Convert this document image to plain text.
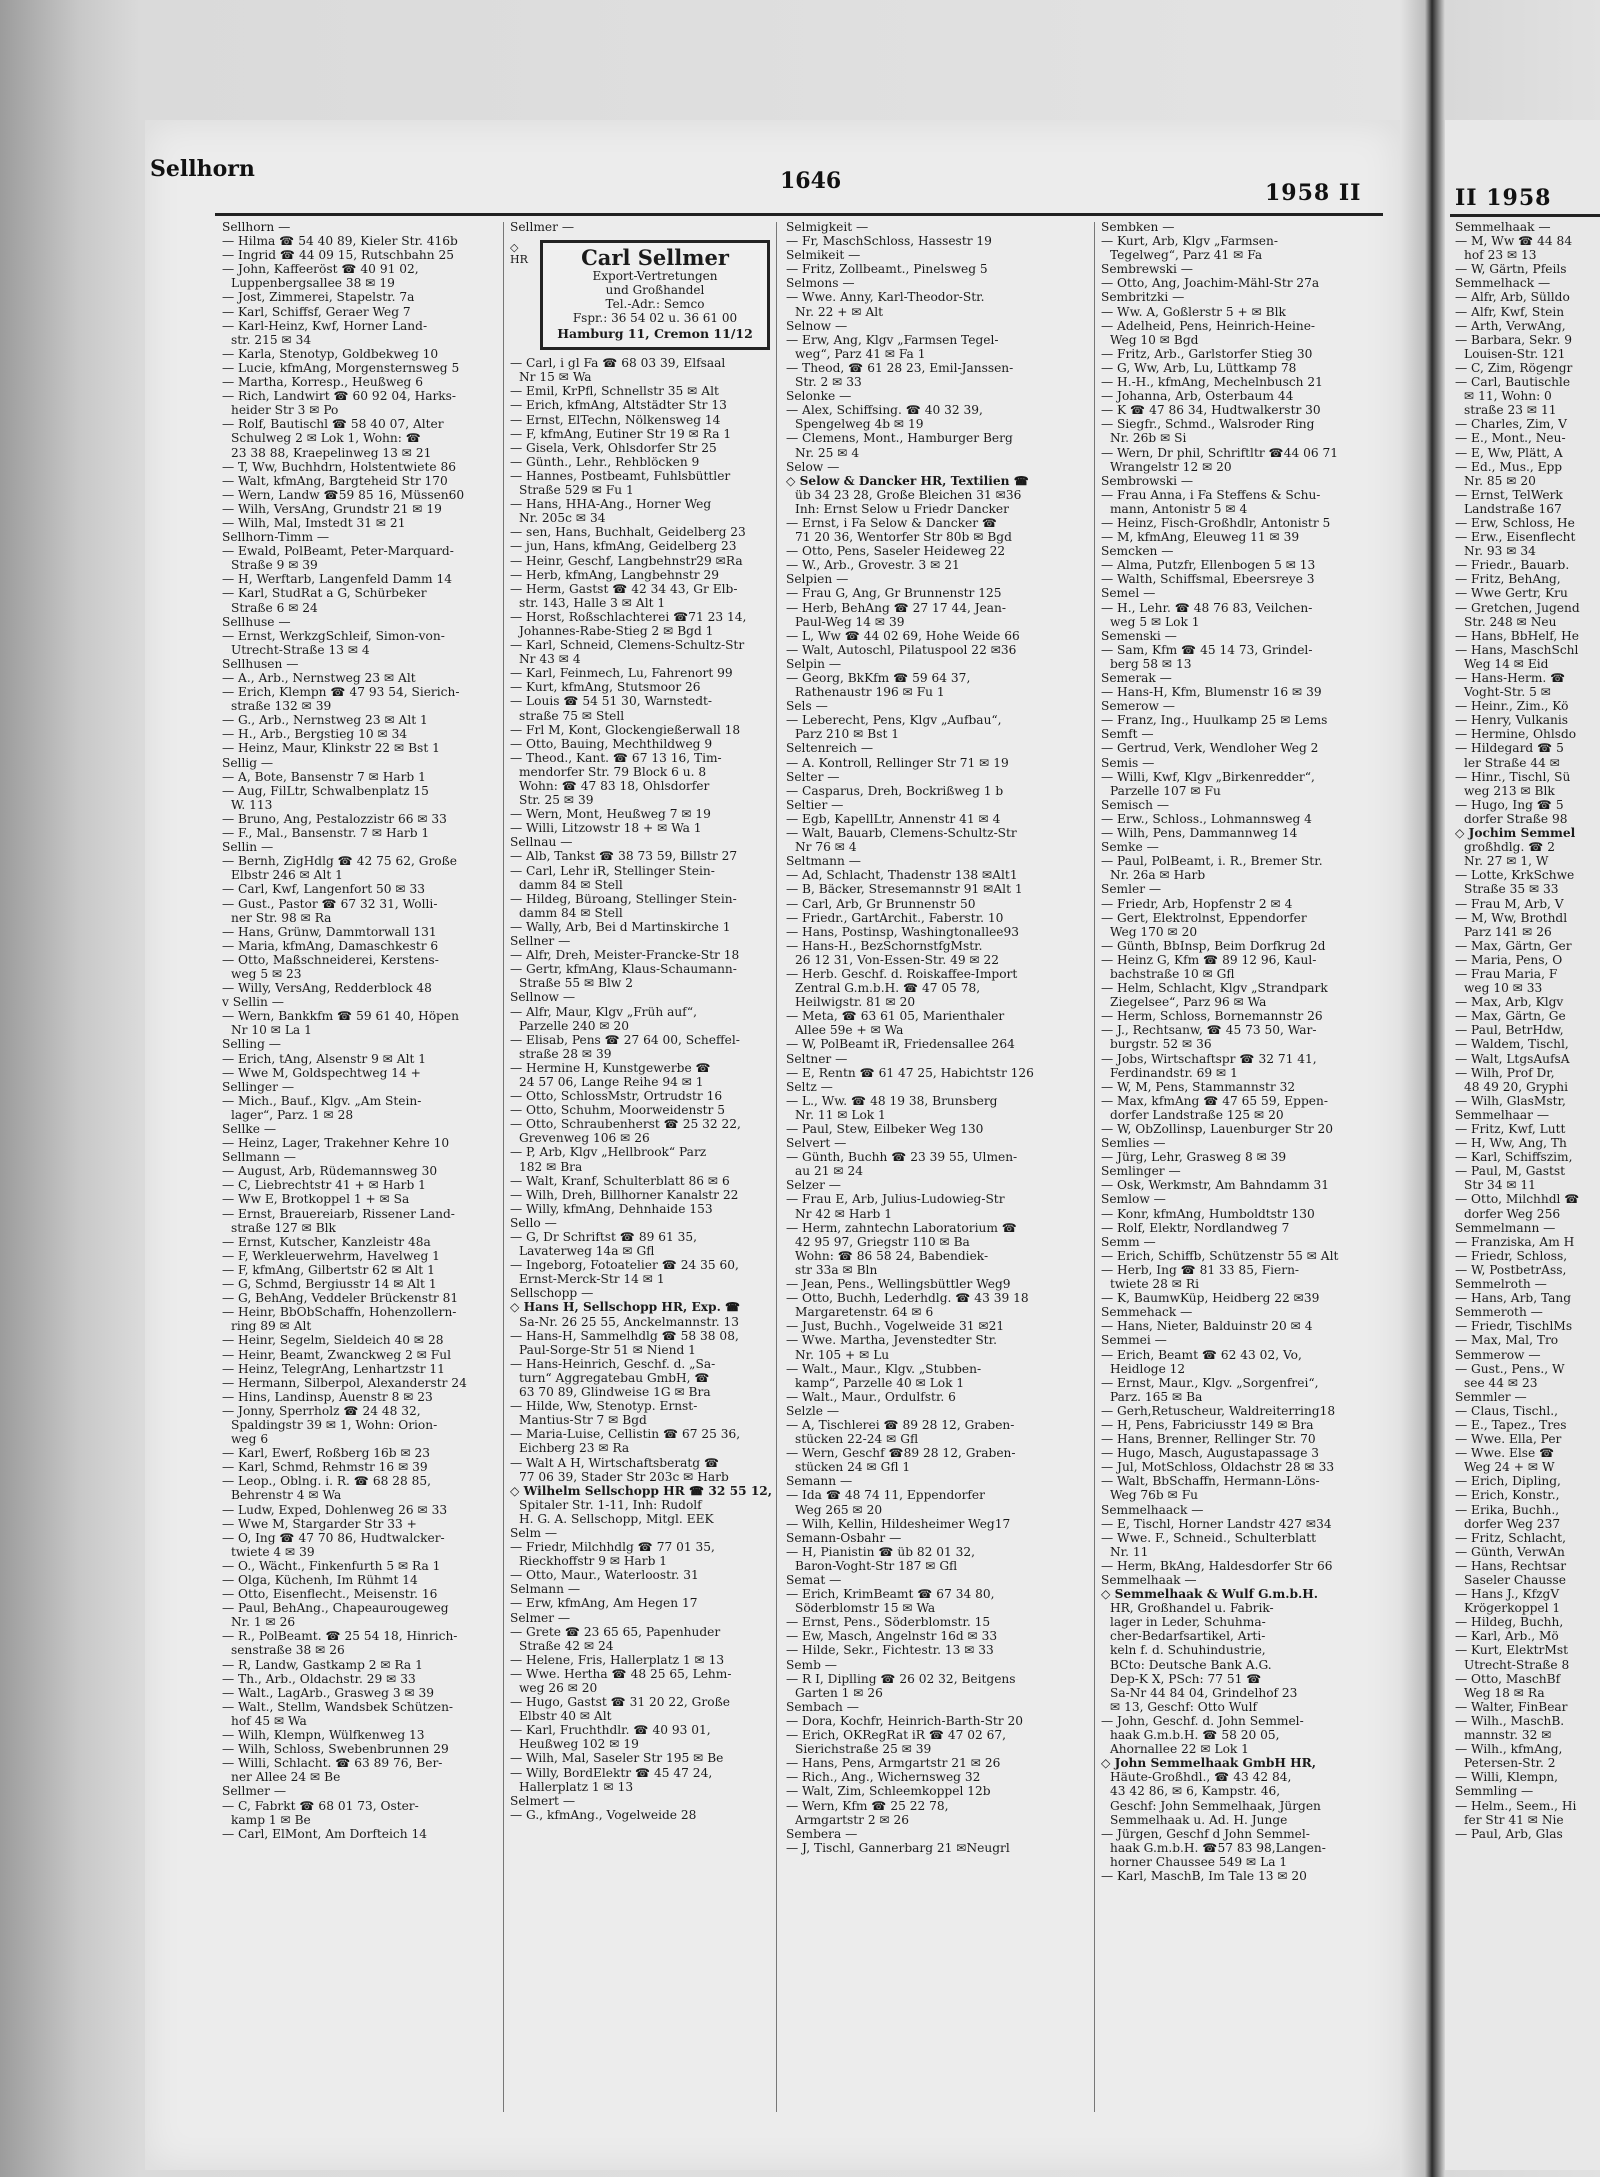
Sellhorn	1646	1958 II	II 1958
Sellhorn —
— Hilma ☎ 54 40 89, Kieler Str. 416b
— Ingrid ☎ 44 09 15, Rutschbahn 25
— John, Kaffeeröst ☎ 40 91 02,
Luppenbergsallee 38 ✉ 19
— Jost, Zimmerei, Stapelstr. 7a
— Karl, Schiffsf, Geraer Weg 7
— Karl-Heinz, Kwf, Horner Land-
str. 215 ✉ 34
— Karla, Stenotyp, Goldbekweg 10
— Lucie, kfmAng, Morgensternsweg 5
— Martha, Korresp., Heußweg 6
— Rich, Landwirt ☎ 60 92 04, Harks-
heider Str 3 ✉ Po
— Rolf, Bautischl ☎ 58 40 07, Alter
Schulweg 2 ✉ Lok 1, Wohn: ☎
23 38 88, Kraepelinweg 13 ✉ 21
— T, Ww, Buchhdrn, Holstentwiete 86
— Walt, kfmAng, Bargteheid Str 170
— Wern, Landw ☎59 85 16, Müssen60
— Wilh, VersAng, Grundstr 21 ✉ 19
— Wilh, Mal, Imstedt 31 ✉ 21
Sellhorn-Timm —
— Ewald, PolBeamt, Peter-Marquard-
Straße 9 ✉ 39
— H, Werftarb, Langenfeld Damm 14
— Karl, StudRat a G, Schürbeker
Straße 6 ✉ 24
Sellhuse —
— Ernst, WerkzgSchleif, Simon-von-
Utrecht-Straße 13 ✉ 4
Sellhusen —
— A., Arb., Nernstweg 23 ✉ Alt
— Erich, Klempn ☎ 47 93 54, Sierich-
straße 132 ✉ 39
— G., Arb., Nernstweg 23 ✉ Alt 1
— H., Arb., Bergstieg 10 ✉ 34
— Heinz, Maur, Klinkstr 22 ✉ Bst 1
Sellig —
— A, Bote, Bansenstr 7 ✉ Harb 1
— Aug, FilLtr, Schwalbenplatz 15
W. 113
— Bruno, Ang, Pestalozzistr 66 ✉ 33
— F., Mal., Bansenstr. 7 ✉ Harb 1
Sellin —
— Bernh, ZigHdlg ☎ 42 75 62, Große
Elbstr 246 ✉ Alt 1
— Carl, Kwf, Langenfort 50 ✉ 33
— Gust., Pastor ☎ 67 32 31, Wolli-
ner Str. 98 ✉ Ra
— Hans, Grünw, Dammtorwall 131
— Maria, kfmAng, Damaschkestr 6
— Otto, Maßschneiderei, Kerstens-
weg 5 ✉ 23
— Willy, VersAng, Redderblock 48
v Sellin —
— Wern, Bankkfm ☎ 59 61 40, Höpen
Nr 10 ✉ La 1
Selling —
— Erich, tAng, Alsenstr 9 ✉ Alt 1
— Wwe M, Goldspechtweg 14 +
Sellinger —
— Mich., Bauf., Klgv. „Am Stein-
lager“, Parz. 1 ✉ 28
Sellke —
— Heinz, Lager, Trakehner Kehre 10
Sellmann —
— August, Arb, Rüdemannsweg 30
— C, Liebrechtstr 41 + ✉ Harb 1
— Ww E, Brotkoppel 1 + ✉ Sa
— Ernst, Brauereiarb, Rissener Land-
straße 127 ✉ Blk
— Ernst, Kutscher, Kanzleistr 48a
— F, Werkleuerwehrm, Havelweg 1
— F, kfmAng, Gilbertstr 62 ✉ Alt 1
— G, Schmd, Bergiusstr 14 ✉ Alt 1
— G, BehAng, Veddeler Brückenstr 81
— Heinr, BbObSchaffn, Hohenzollern-
ring 89 ✉ Alt
— Heinr, Segelm, Sieldeich 40 ✉ 28
— Heinr, Beamt, Zwanckweg 2 ✉ Ful
— Heinz, TelegrAng, Lenhartzstr 11
— Hermann, Silberpol, Alexanderstr 24
— Hins, Landinsp, Auenstr 8 ✉ 23
— Jonny, Sperrholz ☎ 24 48 32,
Spaldingstr 39 ✉ 1, Wohn: Orion-
weg 6
— Karl, Ewerf, Roßberg 16b ✉ 23
— Karl, Schmd, Rehmstr 16 ✉ 39
— Leop., Oblng. i. R. ☎ 68 28 85,
Behrenstr 4 ✉ Wa
— Ludw, Exped, Dohlenweg 26 ✉ 33
— Wwe M, Stargarder Str 33 +
— O, Ing ☎ 47 70 86, Hudtwalcker-
twiete 4 ✉ 39
— O., Wächt., Finkenfurth 5 ✉ Ra 1
— Olga, Küchenh, Im Rühmt 14
— Otto, Eisenflecht., Meisenstr. 16
— Paul, BehAng., Chapeaurougeweg
Nr. 1 ✉ 26
— R., PolBeamt. ☎ 25 54 18, Hinrich-
senstraße 38 ✉ 26
— R, Landw, Gastkamp 2 ✉ Ra 1
— Th., Arb., Oldachstr. 29 ✉ 33
— Walt., LagArb., Grasweg 3 ✉ 39
— Walt., Stellm, Wandsbek Schützen-
hof 45 ✉ Wa
— Wilh, Klempn, Wülfkenweg 13
— Wilh, Schloss, Swebenbrunnen 29
— Willi, Schlacht. ☎ 63 89 76, Ber-
ner Allee 24 ✉ Be
Sellmer —
— C, Fabrkt ☎ 68 01 73, Oster-
kamp 1 ✉ Be
— Carl, ElMont, Am Dorfteich 14
Sellmer —
◇
HR	Carl Sellmer
Export-Vertretungen
und Großhandel
Tel.-Adr.: Semco
Fspr.: 36 54 02 u. 36 61 00
Hamburg 11, Cremon 11/12
— Carl, i gl Fa ☎ 68 03 39, Elfsaal
Nr 15 ✉ Wa
— Emil, KrPfl, Schnellstr 35 ✉ Alt
— Erich, kfmAng, Altstädter Str 13
— Ernst, ElTechn, Nölkensweg 14
— F, kfmAng, Eutiner Str 19 ✉ Ra 1
— Gisela, Verk, Ohlsdorfer Str 25
— Günth., Lehr., Rehblöcken 9
— Hannes, Postbeamt, Fuhlsbüttler
Straße 529 ✉ Fu 1
— Hans, HHA-Ang., Horner Weg
Nr. 205c ✉ 34
— sen, Hans, Buchhalt, Geidelberg 23
— jun, Hans, kfmAng, Geidelberg 23
— Heinr, Geschf, Langbehnstr29 ✉Ra
— Herb, kfmAng, Langbehnstr 29
— Herm, Gastst ☎ 42 34 43, Gr Elb-
str. 143, Halle 3 ✉ Alt 1
— Horst, Roßschlachterei ☎71 23 14,
Johannes-Rabe-Stieg 2 ✉ Bgd 1
— Karl, Schneid, Clemens-Schultz-Str
Nr 43 ✉ 4
— Karl, Feinmech, Lu, Fahrenort 99
— Kurt, kfmAng, Stutsmoor 26
— Louis ☎ 54 51 30, Warnstedt-
straße 75 ✉ Stell
— Frl M, Kont, Glockengießerwall 18
— Otto, Bauing, Mechthildweg 9
— Theod., Kant. ☎ 67 13 16, Tim-
mendorfer Str. 79 Block 6 u. 8
Wohn: ☎ 47 83 18, Ohlsdorfer
Str. 25 ✉ 39
— Wern, Mont, Heußweg 7 ✉ 19
— Willi, Litzowstr 18 + ✉ Wa 1
Sellnau —
— Alb, Tankst ☎ 38 73 59, Billstr 27
— Carl, Lehr iR, Stellinger Stein-
damm 84 ✉ Stell
— Hildeg, Büroang, Stellinger Stein-
damm 84 ✉ Stell
— Wally, Arb, Bei d Martinskirche 1
Sellner —
— Alfr, Dreh, Meister-Francke-Str 18
— Gertr, kfmAng, Klaus-Schaumann-
Straße 55 ✉ Blw 2
Sellnow —
— Alfr, Maur, Klgv „Früh auf“,
Parzelle 240 ✉ 20
— Elisab, Pens ☎ 27 64 00, Scheffel-
straße 28 ✉ 39
— Hermine H, Kunstgewerbe ☎
24 57 06, Lange Reihe 94 ✉ 1
— Otto, SchlossMstr, Ortrudstr 16
— Otto, Schuhm, Moorweidenstr 5
— Otto, Schraubenherst ☎ 25 32 22,
Grevenweg 106 ✉ 26
— P, Arb, Klgv „Hellbrook“ Parz
182 ✉ Bra
— Walt, Kranf, Schulterblatt 86 ✉ 6
— Wilh, Dreh, Billhorner Kanalstr 22
— Willy, kfmAng, Dehnhaide 153
Sello —
— G, Dr Schriftst ☎ 89 61 35,
Lavaterweg 14a ✉ Gfl
— Ingeborg, Fotoatelier ☎ 24 35 60,
Ernst-Merck-Str 14 ✉ 1
Sellschopp —
◇ Hans H, Sellschopp HR, Exp. ☎
Sa-Nr. 26 25 55, Anckelmannstr. 13
— Hans-H, Sammelhdlg ☎ 58 38 08,
Paul-Sorge-Str 51 ✉ Niend 1
— Hans-Heinrich, Geschf. d. „Sa-
turn“ Aggregatebau GmbH, ☎
63 70 89, Glindweise 1G ✉ Bra
— Hilde, Ww, Stenotyp. Ernst-
Mantius-Str 7 ✉ Bgd
— Maria-Luise, Cellistin ☎ 67 25 36,
Eichberg 23 ✉ Ra
— Walt A H, Wirtschaftsberatg ☎
77 06 39, Stader Str 203c ✉ Harb
◇ Wilhelm Sellschopp HR ☎ 32 55 12,
Spitaler Str. 1-11, Inh: Rudolf
H. G. A. Sellschopp, Mitgl. EEK
Selm —
— Friedr, Milchhdlg ☎ 77 01 35,
Rieckhoffstr 9 ✉ Harb 1
— Otto, Maur., Waterloostr. 31
Selmann —
— Erw, kfmAng, Am Hegen 17
Selmer —
— Grete ☎ 23 65 65, Papenhuder
Straße 42 ✉ 24
— Helene, Fris, Hallerplatz 1 ✉ 13
— Wwe. Hertha ☎ 48 25 65, Lehm-
weg 26 ✉ 20
— Hugo, Gastst ☎ 31 20 22, Große
Elbstr 40 ✉ Alt
— Karl, Fruchthdlr. ☎ 40 93 01,
Heußweg 102 ✉ 19
— Wilh, Mal, Saseler Str 195 ✉ Be
— Willy, BordElektr ☎ 45 47 24,
Hallerplatz 1 ✉ 13
Selmert —
— G., kfmAng., Vogelweide 28
Selmigkeit —
— Fr, MaschSchloss, Hassestr 19
Selmikeit —
— Fritz, Zollbeamt., Pinelsweg 5
Selmons —
— Wwe. Anny, Karl-Theodor-Str.
Nr. 22 + ✉ Alt
Selnow —
— Erw, Ang, Klgv „Farmsen Tegel-
weg“, Parz 41 ✉ Fa 1
— Theod, ☎ 61 28 23, Emil-Janssen-
Str. 2 ✉ 33
Selonke —
— Alex, Schiffsing. ☎ 40 32 39,
Spengelweg 4b ✉ 19
— Clemens, Mont., Hamburger Berg
Nr. 25 ✉ 4
Selow —
◇ Selow & Dancker HR, Textilien ☎
üb 34 23 28, Große Bleichen 31 ✉36
Inh: Ernst Selow u Friedr Dancker
— Ernst, i Fa Selow & Dancker ☎
71 20 36, Wentorfer Str 80b ✉ Bgd
— Otto, Pens, Saseler Heideweg 22
— W., Arb., Grovestr. 3 ✉ 21
Selpien —
— Frau G, Ang, Gr Brunnenstr 125
— Herb, BehAng ☎ 27 17 44, Jean-
Paul-Weg 14 ✉ 39
— L, Ww ☎ 44 02 69, Hohe Weide 66
— Walt, Autoschl, Pilatuspool 22 ✉36
Selpin —
— Georg, BkKfm ☎ 59 64 37,
Rathenaustr 196 ✉ Fu 1
Sels —
— Leberecht, Pens, Klgv „Aufbau“,
Parz 210 ✉ Bst 1
Seltenreich —
— A. Kontroll, Rellinger Str 71 ✉ 19
Selter —
— Casparus, Dreh, Bockrißweg 1 b
Seltier —
— Egb, KapellLtr, Annenstr 41 ✉ 4
— Walt, Bauarb, Clemens-Schultz-Str
Nr 76 ✉ 4
Seltmann —
— Ad, Schlacht, Thadenstr 138 ✉Alt1
— B, Bäcker, Stresemannstr 91 ✉Alt 1
— Carl, Arb, Gr Brunnenstr 50
— Friedr., GartArchit., Faberstr. 10
— Hans, Postinsp, Washingtonallee93
— Hans-H., BezSchornstfgMstr.
26 12 31, Von-Essen-Str. 49 ✉ 22
— Herb. Geschf. d. Roiskaffee-Import
Zentral G.m.b.H. ☎ 47 05 78,
Heilwigstr. 81 ✉ 20
— Meta, ☎ 63 61 05, Marienthaler
Allee 59e + ✉ Wa
— W, PolBeamt iR, Friedensallee 264
Seltner —
— E, Rentn ☎ 61 47 25, Habichtstr 126
Seltz —
— L., Ww. ☎ 48 19 38, Brunsberg
Nr. 11 ✉ Lok 1
— Paul, Stew, Eilbeker Weg 130
Selvert —
— Günth, Buchh ☎ 23 39 55, Ulmen-
au 21 ✉ 24
Selzer —
— Frau E, Arb, Julius-Ludowieg-Str
Nr 42 ✉ Harb 1
— Herm, zahntechn Laboratorium ☎
42 95 97, Griegstr 110 ✉ Ba
Wohn: ☎ 86 58 24, Babendiek-
str 33a ✉ Bln
— Jean, Pens., Wellingsbüttler Weg9
— Otto, Buchh, Lederhdlg. ☎ 43 39 18
Margaretenstr. 64 ✉ 6
— Just, Buchh., Vogelweide 31 ✉21
— Wwe. Martha, Jevenstedter Str.
Nr. 105 + ✉ Lu
— Walt., Maur., Klgv. „Stubben-
kamp“, Parzelle 40 ✉ Lok 1
— Walt., Maur., Ordulfstr. 6
Selzle —
— A, Tischlerei ☎ 89 28 12, Graben-
stücken 22-24 ✉ Gfl
— Wern, Geschf ☎89 28 12, Graben-
stücken 24 ✉ Gfl 1
Semann —
— Ida ☎ 48 74 11, Eppendorfer
Weg 265 ✉ 20
— Wilh, Kellin, Hildesheimer Weg17
Semann-Osbahr —
— H, Pianistin ☎ üb 82 01 32,
Baron-Voght-Str 187 ✉ Gfl
Semat —
— Erich, KrimBeamt ☎ 67 34 80,
Söderblomstr 15 ✉ Wa
— Ernst, Pens., Söderblomstr. 15
— Ew, Masch, Angelnstr 16d ✉ 33
— Hilde, Sekr., Fichtestr. 13 ✉ 33
Semb —
— R I, Diplling ☎ 26 02 32, Beitgens
Garten 1 ✉ 26
Sembach —
— Dora, Kochfr, Heinrich-Barth-Str 20
— Erich, OKRegRat iR ☎ 47 02 67,
Sierichstraße 25 ✉ 39
— Hans, Pens, Armgartstr 21 ✉ 26
— Rich., Ang., Wichernsweg 32
— Walt, Zim, Schleemkoppel 12b
— Wern, Kfm ☎ 25 22 78,
Armgartstr 2 ✉ 26
Sembera —
— J, Tischl, Gannerbarg 21 ✉Neugrl
Sembken —
— Kurt, Arb, Klgv „Farmsen-
Tegelweg“, Parz 41 ✉ Fa
Sembrewski —
— Otto, Ang, Joachim-Mähl-Str 27a
Sembritzki —
— Ww. A, Goßlerstr 5 + ✉ Blk
— Adelheid, Pens, Heinrich-Heine-
Weg 10 ✉ Bgd
— Fritz, Arb., Garlstorfer Stieg 30
— G, Ww, Arb, Lu, Lüttkamp 78
— H.-H., kfmAng, Mechelnbusch 21
— Johanna, Arb, Osterbaum 44
— K ☎ 47 86 34, Hudtwalkerstr 30
— Siegfr., Schmd., Walsroder Ring
Nr. 26b ✉ Si
— Wern, Dr phil, Schriftltr ☎44 06 71
Wrangelstr 12 ✉ 20
Sembrowski —
— Frau Anna, i Fa Steffens & Schu-
mann, Antonistr 5 ✉ 4
— Heinz, Fisch-Großhdlr, Antonistr 5
— M, kfmAng, Eleuweg 11 ✉ 39
Semcken —
— Alma, Putzfr, Ellenbogen 5 ✉ 13
— Walth, Schiffsmal, Ebeersreye 3
Semel —
— H., Lehr. ☎ 48 76 83, Veilchen-
weg 5 ✉ Lok 1
Semenski —
— Sam, Kfm ☎ 45 14 73, Grindel-
berg 58 ✉ 13
Semerak —
— Hans-H, Kfm, Blumenstr 16 ✉ 39
Semerow —
— Franz, Ing., Huulkamp 25 ✉ Lems
Semft —
— Gertrud, Verk, Wendloher Weg 2
Semis —
— Willi, Kwf, Klgv „Birkenredder“,
Parzelle 107 ✉ Fu
Semisch —
— Erw., Schloss., Lohmannsweg 4
— Wilh, Pens, Dammannweg 14
Semke —
— Paul, PolBeamt, i. R., Bremer Str.
Nr. 26a ✉ Harb
Semler —
— Friedr, Arb, Hopfenstr 2 ✉ 4
— Gert, Elektrolnst, Eppendorfer
Weg 170 ✉ 20
— Günth, BbInsp, Beim Dorfkrug 2d
— Heinz G, Kfm ☎ 89 12 96, Kaul-
bachstraße 10 ✉ Gfl
— Helm, Schlacht, Klgv „Strandpark
Ziegelsee“, Parz 96 ✉ Wa
— Herm, Schloss, Bornemannstr 26
— J., Rechtsanw, ☎ 45 73 50, War-
burgstr. 52 ✉ 36
— Jobs, Wirtschaftspr ☎ 32 71 41,
Ferdinandstr. 69 ✉ 1
— W, M, Pens, Stammannstr 32
— Max, kfmAng ☎ 47 65 59, Eppen-
dorfer Landstraße 125 ✉ 20
— W, ObZollinsp, Lauenburger Str 20
Semlies —
— Jürg, Lehr, Grasweg 8 ✉ 39
Semlinger —
— Osk, Werkmstr, Am Bahndamm 31
Semlow —
— Konr, kfmAng, Humboldtstr 130
— Rolf, Elektr, Nordlandweg 7
Semm —
— Erich, Schiffb, Schützenstr 55 ✉ Alt
— Herb, Ing ☎ 81 33 85, Fiern-
twiete 28 ✉ Ri
— K, BaumwKüp, Heidberg 22 ✉39
Semmehack —
— Hans, Nieter, Balduinstr 20 ✉ 4
Semmei —
— Erich, Beamt ☎ 62 43 02, Vo,
Heidloge 12
— Ernst, Maur., Klgv. „Sorgenfrei“,
Parz. 165 ✉ Ba
— Gerh,Retuscheur, Waldreiterring18
— H, Pens, Fabriciusstr 149 ✉ Bra
— Hans, Brenner, Rellinger Str. 70
— Hugo, Masch, Augustapassage 3
— Jul, MotSchloss, Oldachstr 28 ✉ 33
— Walt, BbSchaffn, Hermann-Löns-
Weg 76b ✉ Fu
Semmelhaack —
— E, Tischl, Horner Landstr 427 ✉34
— Wwe. F., Schneid., Schulterblatt
Nr. 11
— Herm, BkAng, Haldesdorfer Str 66
Semmelhaak —
◇ Semmelhaak & Wulf G.m.b.H.
HR, Großhandel u. Fabrik-
lager in Leder, Schuhma-
cher-Bedarfsartikel, Arti-
keln f. d. Schuhindustrie,
BCto: Deutsche Bank A.G.
Dep-K X, PSch: 77 51 ☎
Sa-Nr 44 84 04, Grindelhof 23
✉ 13, Geschf: Otto Wulf
— John, Geschf. d. John Semmel-
haak G.m.b.H. ☎ 58 20 05,
Ahornallee 22 ✉ Lok 1
◇ John Semmelhaak GmbH HR,
Häute-Großhdl., ☎ 43 42 84,
43 42 86, ✉ 6, Kampstr. 46,
Geschf: John Semmelhaak, Jürgen
Semmelhaak u. Ad. H. Junge
— Jürgen, Geschf d John Semmel-
haak G.m.b.H. ☎57 83 98,Langen-
horner Chaussee 549 ✉ La 1
— Karl, MaschB, Im Tale 13 ✉ 20
Semmelhaak —
— M, Ww ☎ 44 84
hof 23 ✉ 13
— W, Gärtn, Pfeils
Semmelhack —
— Alfr, Arb, Sülldo
— Alfr, Kwf, Stein
— Arth, VerwAng,
— Barbara, Sekr. 9
Louisen-Str. 121
— C, Zim, Rögengr
— Carl, Bautischle
✉ 11, Wohn: 0
straße 23 ✉ 11
— Charles, Zim, V
— E., Mont., Neu-
— E, Ww, Plätt, A
— Ed., Mus., Epp
Nr. 85 ✉ 20
— Ernst, TelWerk
Landstraße 167
— Erw, Schloss, He
— Erw., Eisenflecht
Nr. 93 ✉ 34
— Friedr., Bauarb.
— Fritz, BehAng,
— Wwe Gertr, Kru
— Gretchen, Jugend
Str. 248 ✉ Neu
— Hans, BbHelf, He
— Hans, MaschSchl
Weg 14 ✉ Eid
— Hans-Herm. ☎
Voght-Str. 5 ✉
— Heinr., Zim., Kö
— Henry, Vulkanis
— Hermine, Ohlsdo
— Hildegard ☎ 5
ler Straße 44 ✉
— Hinr., Tischl, Sü
weg 213 ✉ Blk
— Hugo, Ing ☎ 5
dorfer Straße 98
◇ Jochim Semmel
großhdlg. ☎ 2
Nr. 27 ✉ 1, W
— Lotte, KrkSchwe
Straße 35 ✉ 33
— Frau M, Arb, V
— M, Ww, Brothdl
Parz 141 ✉ 26
— Max, Gärtn, Ger
— Maria, Pens, O
— Frau Maria, F
weg 10 ✉ 33
— Max, Arb, Klgv
— Max, Gärtn, Ge
— Paul, BetrHdw,
— Waldem, Tischl,
— Walt, LtgsAufsA
— Wilh, Prof Dr,
48 49 20, Gryphi
— Wilh, GlasMstr,
Semmelhaar —
— Fritz, Kwf, Lutt
— H, Ww, Ang, Th
— Karl, Schiffszim,
— Paul, M, Gastst
Str 34 ✉ 11
— Otto, Milchhdl ☎
dorfer Weg 256
Semmelmann —
— Franziska, Am H
— Friedr, Schloss,
— W, PostbetrAss,
Semmelroth —
— Hans, Arb, Tang
Semmeroth —
— Friedr, TischlMs
— Max, Mal, Tro
Semmerow —
— Gust., Pens., W
see 44 ✉ 23
Semmler —
— Claus, Tischl.,
— E., Tapez., Tres
— Wwe. Ella, Per
— Wwe. Else ☎
Weg 24 + ✉ W
— Erich, Dipling,
— Erich, Konstr.,
— Erika, Buchh.,
dorfer Weg 237
— Fritz, Schlacht,
— Günth, VerwAn
— Hans, Rechtsar
Saseler Chausse
— Hans J., KfzgV
Krögerkoppel 1
— Hildeg, Buchh,
— Karl, Arb., Mö
— Kurt, ElektrMst
Utrecht-Straße 8
— Otto, MaschBf
Weg 18 ✉ Ra
— Walter, FinBear
— Wilh., MaschB.
mannstr. 32 ✉
— Wilh., kfmAng,
Petersen-Str. 2
— Willi, Klempn,
Semmling —
— Helm., Seem., Hi
fer Str 41 ✉ Nie
— Paul, Arb, Glas
